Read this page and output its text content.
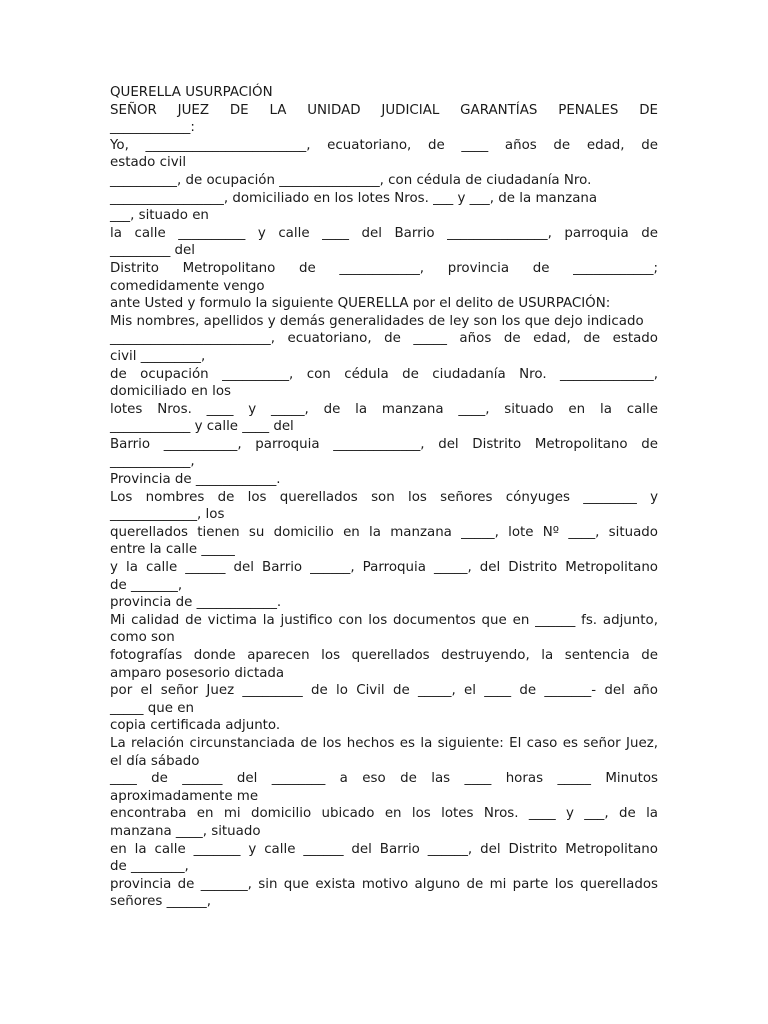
QUERELLA USURPACIÓN
SEÑOR JUEZ DE LA UNIDAD JUDICIAL GARANTÍAS PENALES DE
____________:
Yo, ________________________, ecuatoriano, de ____ años de edad, de
estado civil
__________, de ocupación _______________, con cédula de ciudadanía Nro.
_________________, domiciliado en los lotes Nros. ___ y ___, de la manzana
___, situado en
la calle __________ y calle ____ del Barrio _______________, parroquia de
_________ del
Distrito Metropolitano de ____________, provincia de ____________;
comedidamente vengo
ante Usted y formulo la siguiente QUERELLA por el delito de USURPACIÓN:
Mis nombres, apellidos y demás generalidades de ley son los que dejo indicado
________________________, ecuatoriano, de _____ años de edad, de estado
civil _________,
de ocupación __________, con cédula de ciudadanía Nro. ______________,
domiciliado en los
lotes Nros. ____ y _____, de la manzana ____, situado en la calle
____________ y calle ____ del
Barrio ___________, parroquia _____________, del Distrito Metropolitano de
____________,
Provincia de ____________.
Los nombres de los querellados son los señores cónyuges ________ y
_____________, los
querellados tienen su domicilio en la manzana _____, lote Nº ____, situado
entre la calle _____
y la calle ______ del Barrio ______, Parroquia _____, del Distrito Metropolitano
de _______,
provincia de ____________.
Mi calidad de victima la justifico con los documentos que en ______ fs. adjunto,
como son
fotografías donde aparecen los querellados destruyendo, la sentencia de
amparo posesorio dictada
por el señor Juez _________ de lo Civil de _____, el ____ de _______- del año
_____ que en
copia certificada adjunto.
La relación circunstanciada de los hechos es la siguiente: El caso es señor Juez,
el día sábado
____ de ______ del ________ a eso de las ____ horas _____ Minutos
aproximadamente me
encontraba en mi domicilio ubicado en los lotes Nros. ____ y ___, de la
manzana ____, situado
en la calle _______ y calle ______ del Barrio ______, del Distrito Metropolitano
de ________,
provincia de _______, sin que exista motivo alguno de mi parte los querellados
señores ______,
